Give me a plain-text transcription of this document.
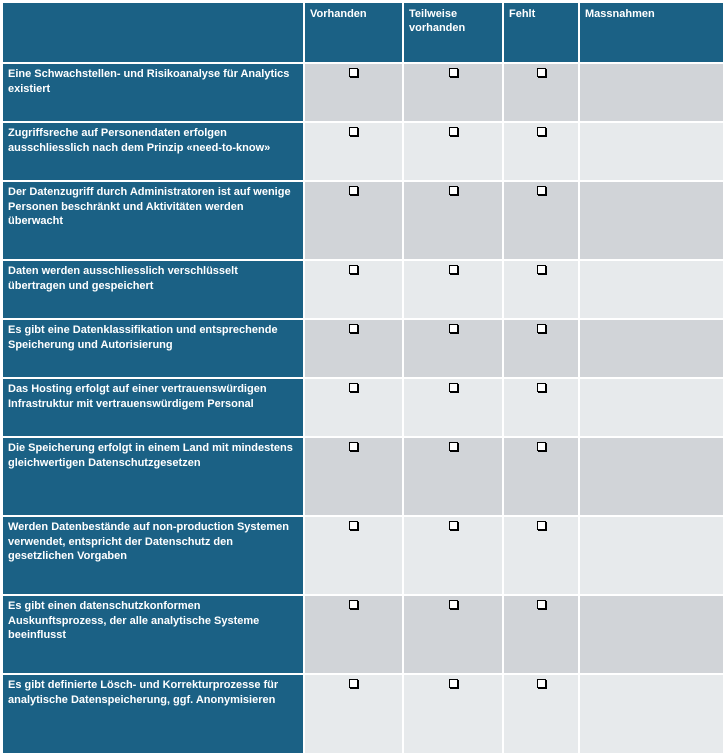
	Vorhanden	Teilweise vorhanden	Fehlt	Massnahmen

Eine Schwachstellen- und Risikoanalyse für Analytics existiert				

Zugriffsreche auf Personendaten erfolgen ausschliesslich nach dem Prinzip «need-to-know»				

Der Datenzugriff durch Administratoren ist auf wenige Personen beschränkt und Aktivitäten werden überwacht				

Daten werden ausschliesslich verschlüsselt übertragen und gespeichert				

Es gibt eine Datenklassifikation und entsprechende Speicherung und Autorisierung				

Das Hosting erfolgt auf einer vertrauenswürdigen Infrastruktur mit vertrauenswürdigem Personal				

Die Speicherung erfolgt in einem Land mit mindestens gleichwertigen Datenschutzgesetzen				

Werden Datenbestände auf non-production Systemen verwendet, entspricht der Datenschutz den gesetzlichen Vorgaben				

Es gibt einen datenschutzkonformen Auskunftsprozess, der alle analytische Systeme beeinflusst				

Es gibt definierte Lösch- und Korrekturprozesse für analytische Datenspeicherung, ggf. Anonymisieren				
